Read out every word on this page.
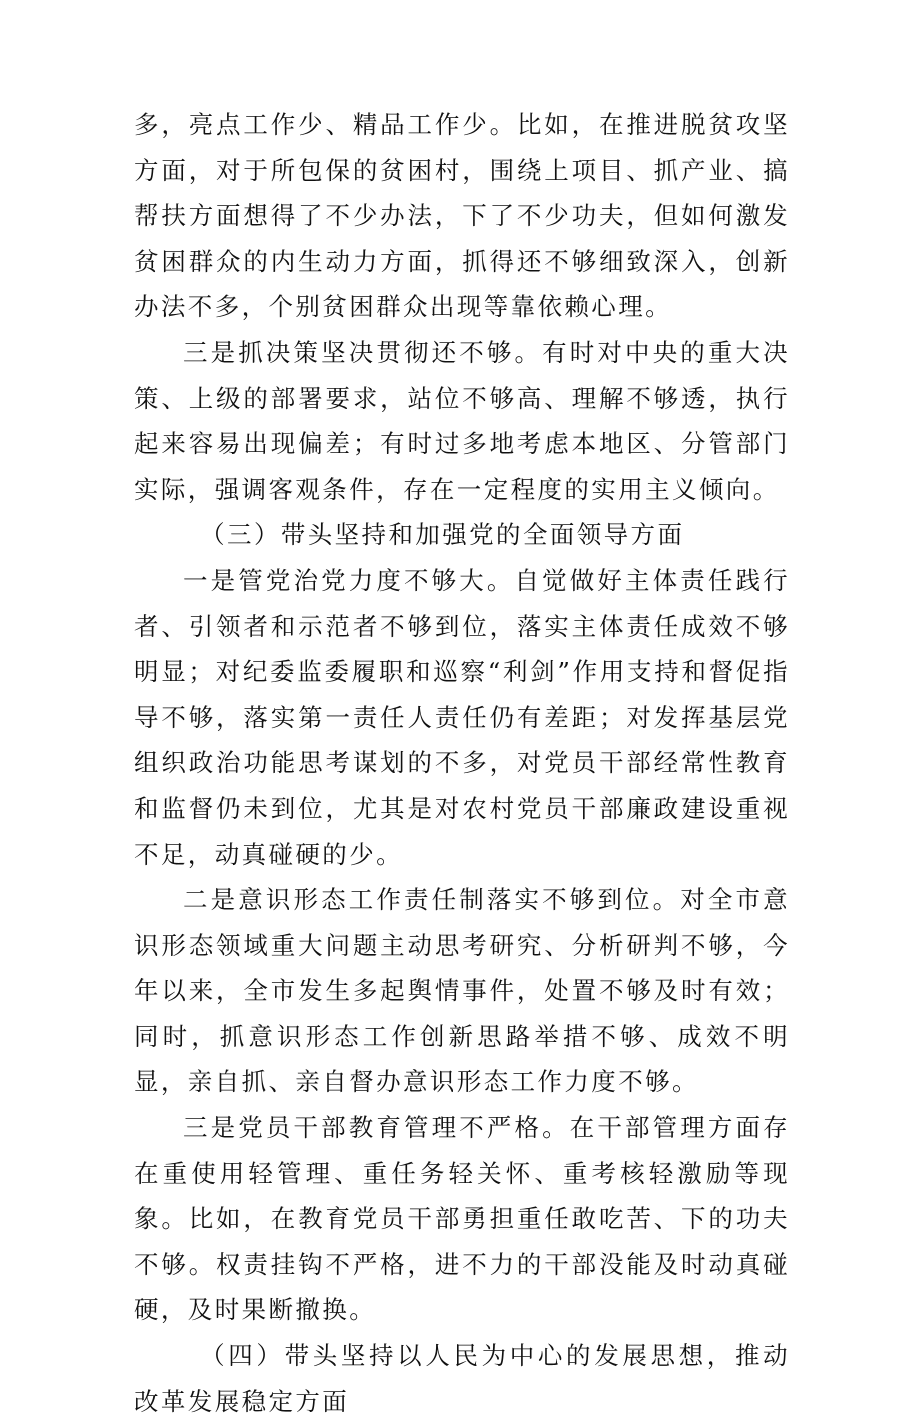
多，亮点工作少、精品工作少。比如，在推进脱贫攻坚方面，对于所包保的贫困村，围绕上项目、抓产业、搞帮扶方面想得了不少办法，下了不少功夫，但如何激发贫困群众的内生动力方面，抓得还不够细致深入，创新办法不多，个别贫困群众出现等靠依赖心理。

三是抓决策坚决贯彻还不够。有时对中央的重大决策、上级的部署要求，站位不够高、理解不够透，执行起来容易出现偏差；有时过多地考虑本地区、分管部门实际，强调客观条件，存在一定程度的实用主义倾向。

（三）带头坚持和加强党的全面领导方面

一是管党治党力度不够大。自觉做好主体责任践行者、引领者和示范者不够到位，落实主体责任成效不够明显；对纪委监委履职和巡察“利剑”作用支持和督促指导不够，落实第一责任人责任仍有差距；对发挥基层党组织政治功能思考谋划的不多，对党员干部经常性教育和监督仍未到位，尤其是对农村党员干部廉政建设重视不足，动真碰硬的少。

二是意识形态工作责任制落实不够到位。对全市意识形态领域重大问题主动思考研究、分析研判不够，今年以来，全市发生多起舆情事件，处置不够及时有效；同时，抓意识形态工作创新思路举措不够、成效不明显，亲自抓、亲自督办意识形态工作力度不够。

三是党员干部教育管理不严格。在干部管理方面存在重使用轻管理、重任务轻关怀、重考核轻激励等现象。比如，在教育党员干部勇担重任敢吃苦、下的功夫不够。权责挂钩不严格，进不力的干部没能及时动真碰硬，及时果断撤换。

（四）带头坚持以人民为中心的发展思想，推动改革发展稳定方面
